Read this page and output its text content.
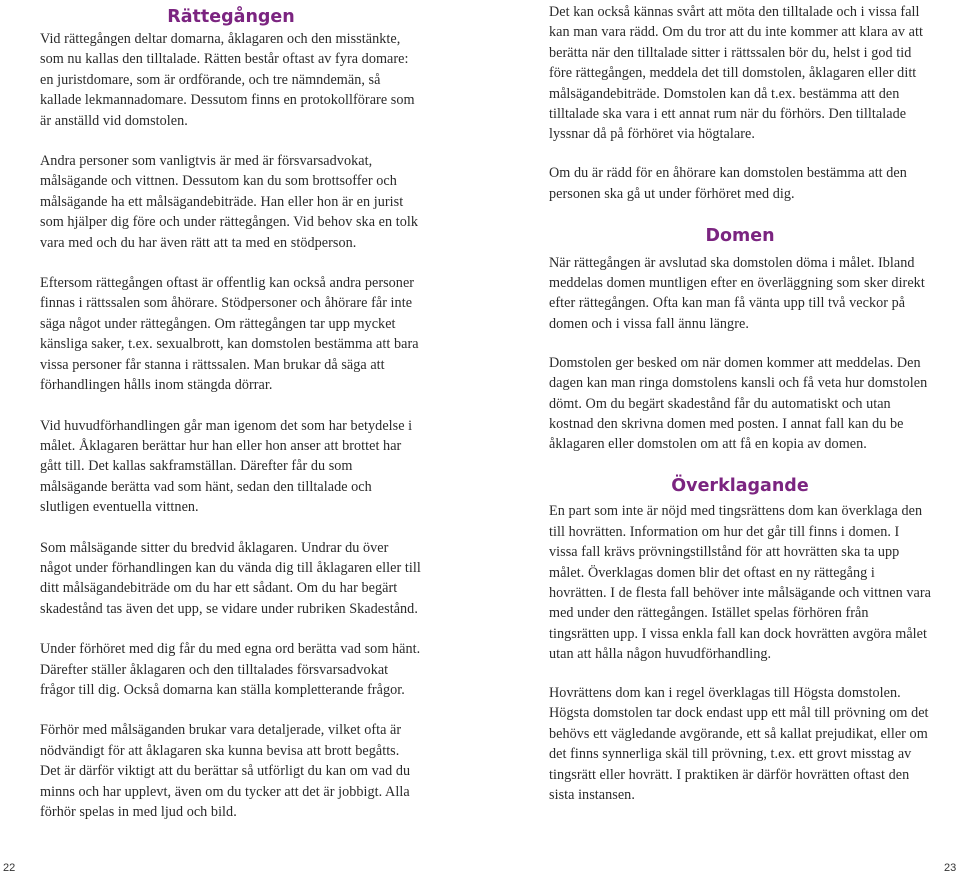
Rättegången

Vid rättegången deltar domarna, åklagaren och den misstänkte, som nu kallas den tilltalade. Rätten består oftast av fyra domare: en juristdomare, som är ordförande, och tre nämndemän, så kallade lekmannadomare. Dessutom finns en protokollförare som är anställd vid domstolen.

Andra personer som vanligtvis är med är försvarsadvokat, målsägande och vittnen. Dessutom kan du som brottsoffer och målsägande ha ett målsägandebiträde. Han eller hon är en jurist som hjälper dig före och under rättegången. Vid behov ska en tolk vara med och du har även rätt att ta med en stödperson.

Eftersom rättegången oftast är offentlig kan också andra personer finnas i rättssalen som åhörare. Stödpersoner och åhörare får inte säga något under rättegången. Om rättegången tar upp mycket känsliga saker, t.ex. sexualbrott, kan domstolen bestämma att bara vissa personer får stanna i rättssalen. Man brukar då säga att förhandlingen hålls inom stängda dörrar.

Vid huvudförhandlingen går man igenom det som har betydelse i målet. Åklagaren berättar hur han eller hon anser att brottet har gått till. Det kallas sakframställan. Därefter får du som målsägande berätta vad som hänt, sedan den tilltalade och slutligen eventuella vittnen.

Som målsägande sitter du bredvid åklagaren. Undrar du över något under förhandlingen kan du vända dig till åklagaren eller till ditt målsägandebiträde om du har ett sådant. Om du har begärt skadestånd tas även det upp, se vidare under rubriken Skadestånd.

Under förhöret med dig får du med egna ord berätta vad som hänt. Därefter ställer åklagaren och den tilltalades försvarsadvokat frågor till dig. Också domarna kan ställa kompletterande frågor.

Förhör med målsäganden brukar vara detaljerade, vilket ofta är nödvändigt för att åklagaren ska kunna bevisa att brott begåtts. Det är därför viktigt att du berättar så utförligt du kan om vad du minns och har upplevt, även om du tycker att det är jobbigt. Alla förhör spelas in med ljud och bild.

Det kan också kännas svårt att möta den tilltalade och i vissa fall kan man vara rädd. Om du tror att du inte kommer att klara av att berätta när den tilltalade sitter i rättssalen bör du, helst i god tid före rättegången, meddela det till domstolen, åklagaren eller ditt målsägandebiträde. Domstolen kan då t.ex. bestämma att den tilltalade ska vara i ett annat rum när du förhörs. Den tilltalade lyssnar då på förhöret via högtalare.

Om du är rädd för en åhörare kan domstolen bestämma att den personen ska gå ut under förhöret med dig.

Domen

När rättegången är avslutad ska domstolen döma i målet. Ibland meddelas domen muntligen efter en överläggning som sker direkt efter rättegången. Ofta kan man få vänta upp till två veckor på domen och i vissa fall ännu längre.

Domstolen ger besked om när domen kommer att meddelas. Den dagen kan man ringa domstolens kansli och få veta hur domstolen dömt. Om du begärt skadestånd får du automatiskt och utan kostnad den skrivna domen med posten. I annat fall kan du be åklagaren eller domstolen om att få en kopia av domen.

Överklagande

En part som inte är nöjd med tingsrättens dom kan överklaga den till hovrätten. Information om hur det går till finns i domen. I vissa fall krävs prövningstillstånd för att hovrätten ska ta upp målet. Överklagas domen blir det oftast en ny rättegång i hovrätten. I de flesta fall behöver inte målsägande och vittnen vara med under den rättegången. Istället spelas förhören från tingsrätten upp. I vissa enkla fall kan dock hovrätten avgöra målet utan att hålla någon huvudförhandling.

Hovrättens dom kan i regel överklagas till Högsta domstolen. Högsta domstolen tar dock endast upp ett mål till prövning om det behövs ett vägledande avgörande, ett så kallat prejudikat, eller om det finns synnerliga skäl till prövning, t.ex. ett grovt misstag av tingsrätt eller hovrätt. I praktiken är därför hovrätten oftast den sista instansen.

22	23
